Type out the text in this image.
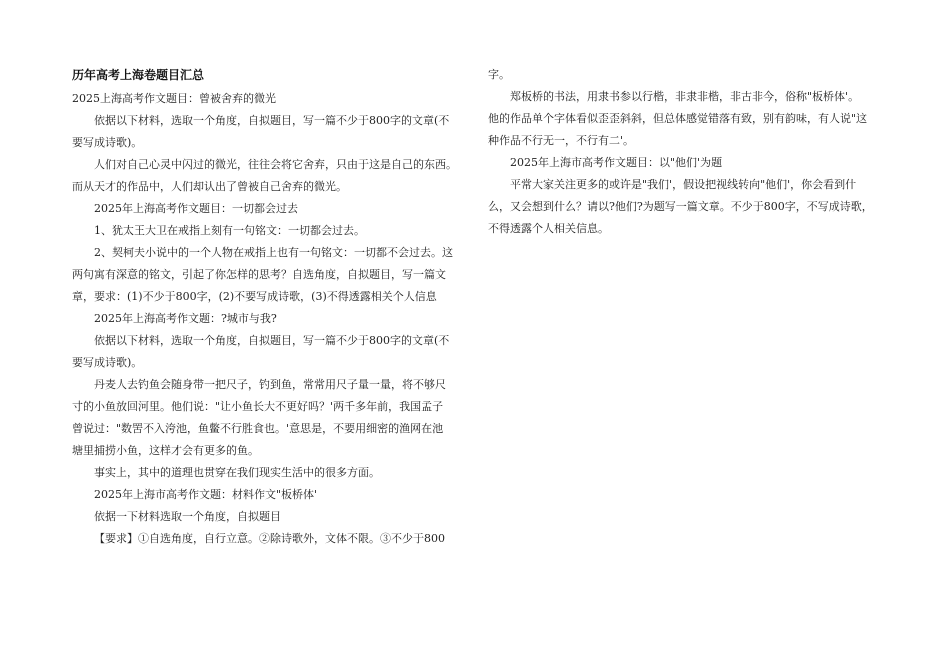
历年高考上海卷题目汇总

2025上海高考作文题目：曾被舍弃的微光

依据以下材料，选取一个角度，自拟题目，写一篇不少于800字的文章(不

要写成诗歌)。

人们对自己心灵中闪过的微光，往往会将它舍弃，只由于这是自己的东西。

而从天才的作品中，人们却认出了曾被自己舍弃的微光。

2025年上海高考作文题目：一切都会过去

1、犹太王大卫在戒指上刻有一句铭文：一切都会过去。

2、契柯夫小说中的一个人物在戒指上也有一句铭文：一切都不会过去。这

两句寓有深意的铭文，引起了你怎样的思考？自选角度，自拟题目，写一篇文

章，要求：(1)不少于800字，(2)不要写成诗歌，(3)不得透露相关个人信息

2025年上海高考作文题：?城市与我?

依据以下材料，选取一个角度，自拟题目，写一篇不少于800字的文章(不

要写成诗歌)。

丹麦人去钓鱼会随身带一把尺子，钓到鱼，常常用尺子量一量，将不够尺

寸的小鱼放回河里。他们说："让小鱼长大不更好吗？'两千多年前，我国孟子

曾说过："数罟不入洿池，鱼鳖不行胜食也。'意思是，不要用细密的渔网在池

塘里捕捞小鱼，这样才会有更多的鱼。

事实上，其中的道理也贯穿在我们现实生活中的很多方面。

2025年上海市高考作文题：材料作文"板桥体'

依据一下材料选取一个角度，自拟题目

【要求】①自选角度，自行立意。②除诗歌外，文体不限。③不少于800

字。

郑板桥的书法，用隶书参以行楷，非隶非楷，非古非今，俗称"板桥体'。

他的作品单个字体看似歪歪斜斜，但总体感觉错落有致，别有韵味，有人说"这

种作品不行无一，不行有二'。

2025年上海市高考作文题目：以"他们'为题

平常大家关注更多的或许是"我们'，假设把视线转向"他们'，你会看到什

么，又会想到什么？请以?他们?为题写一篇文章。不少于800字，不写成诗歌，

不得透露个人相关信息。
